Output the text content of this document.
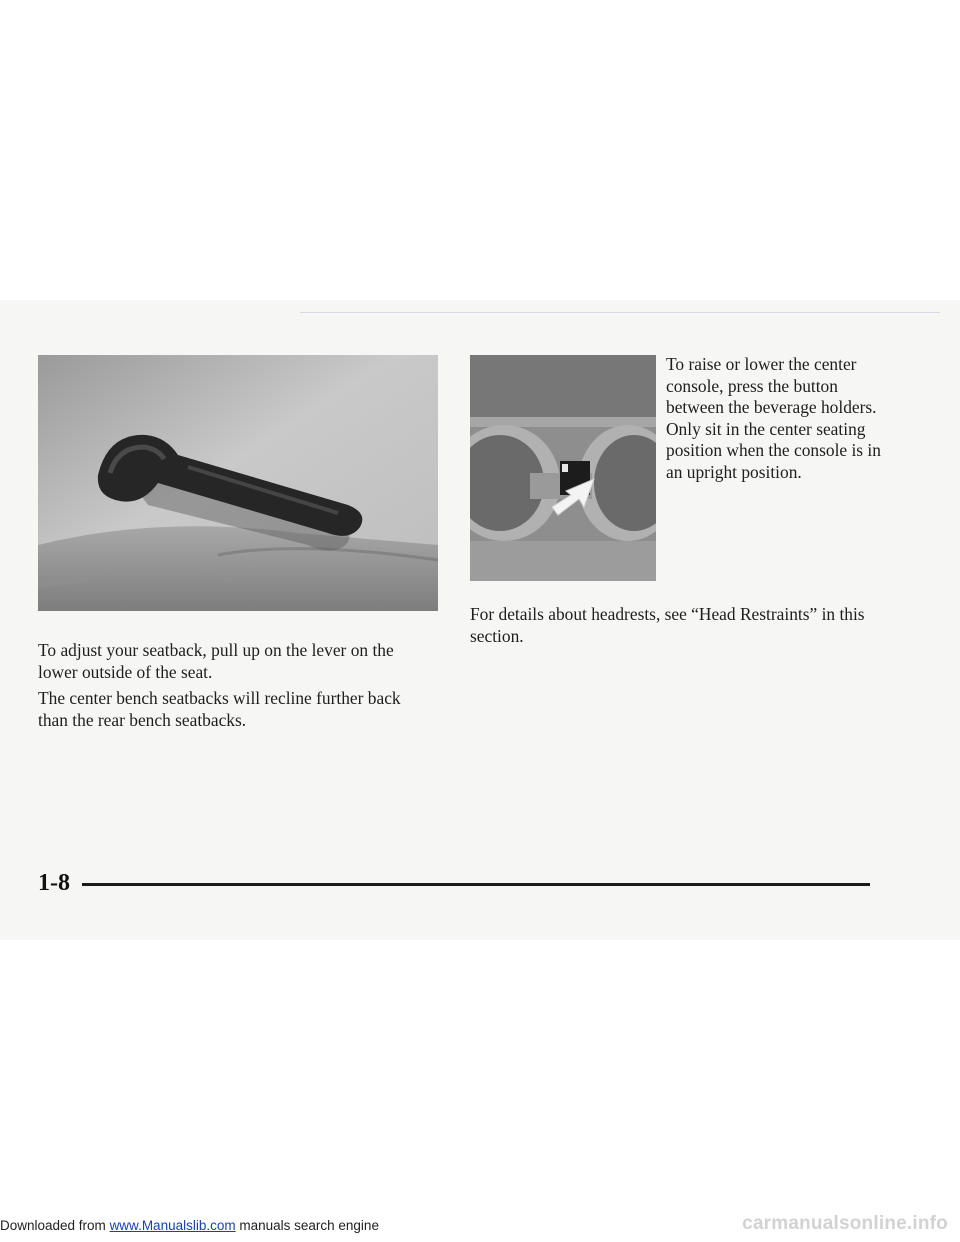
To raise or lower the center console, press the button between the beverage holders. Only sit in the center seating position when the console is in an upright position.

To adjust your seatback, pull up on the lever on the lower outside of the seat.

The center bench seatbacks will recline further back than the rear bench seatbacks.

For details about headrests, see “Head Restraints” in this section.

1-8
Downloaded from www.Manualslib.com manuals search engine	carmanualsonline.info
